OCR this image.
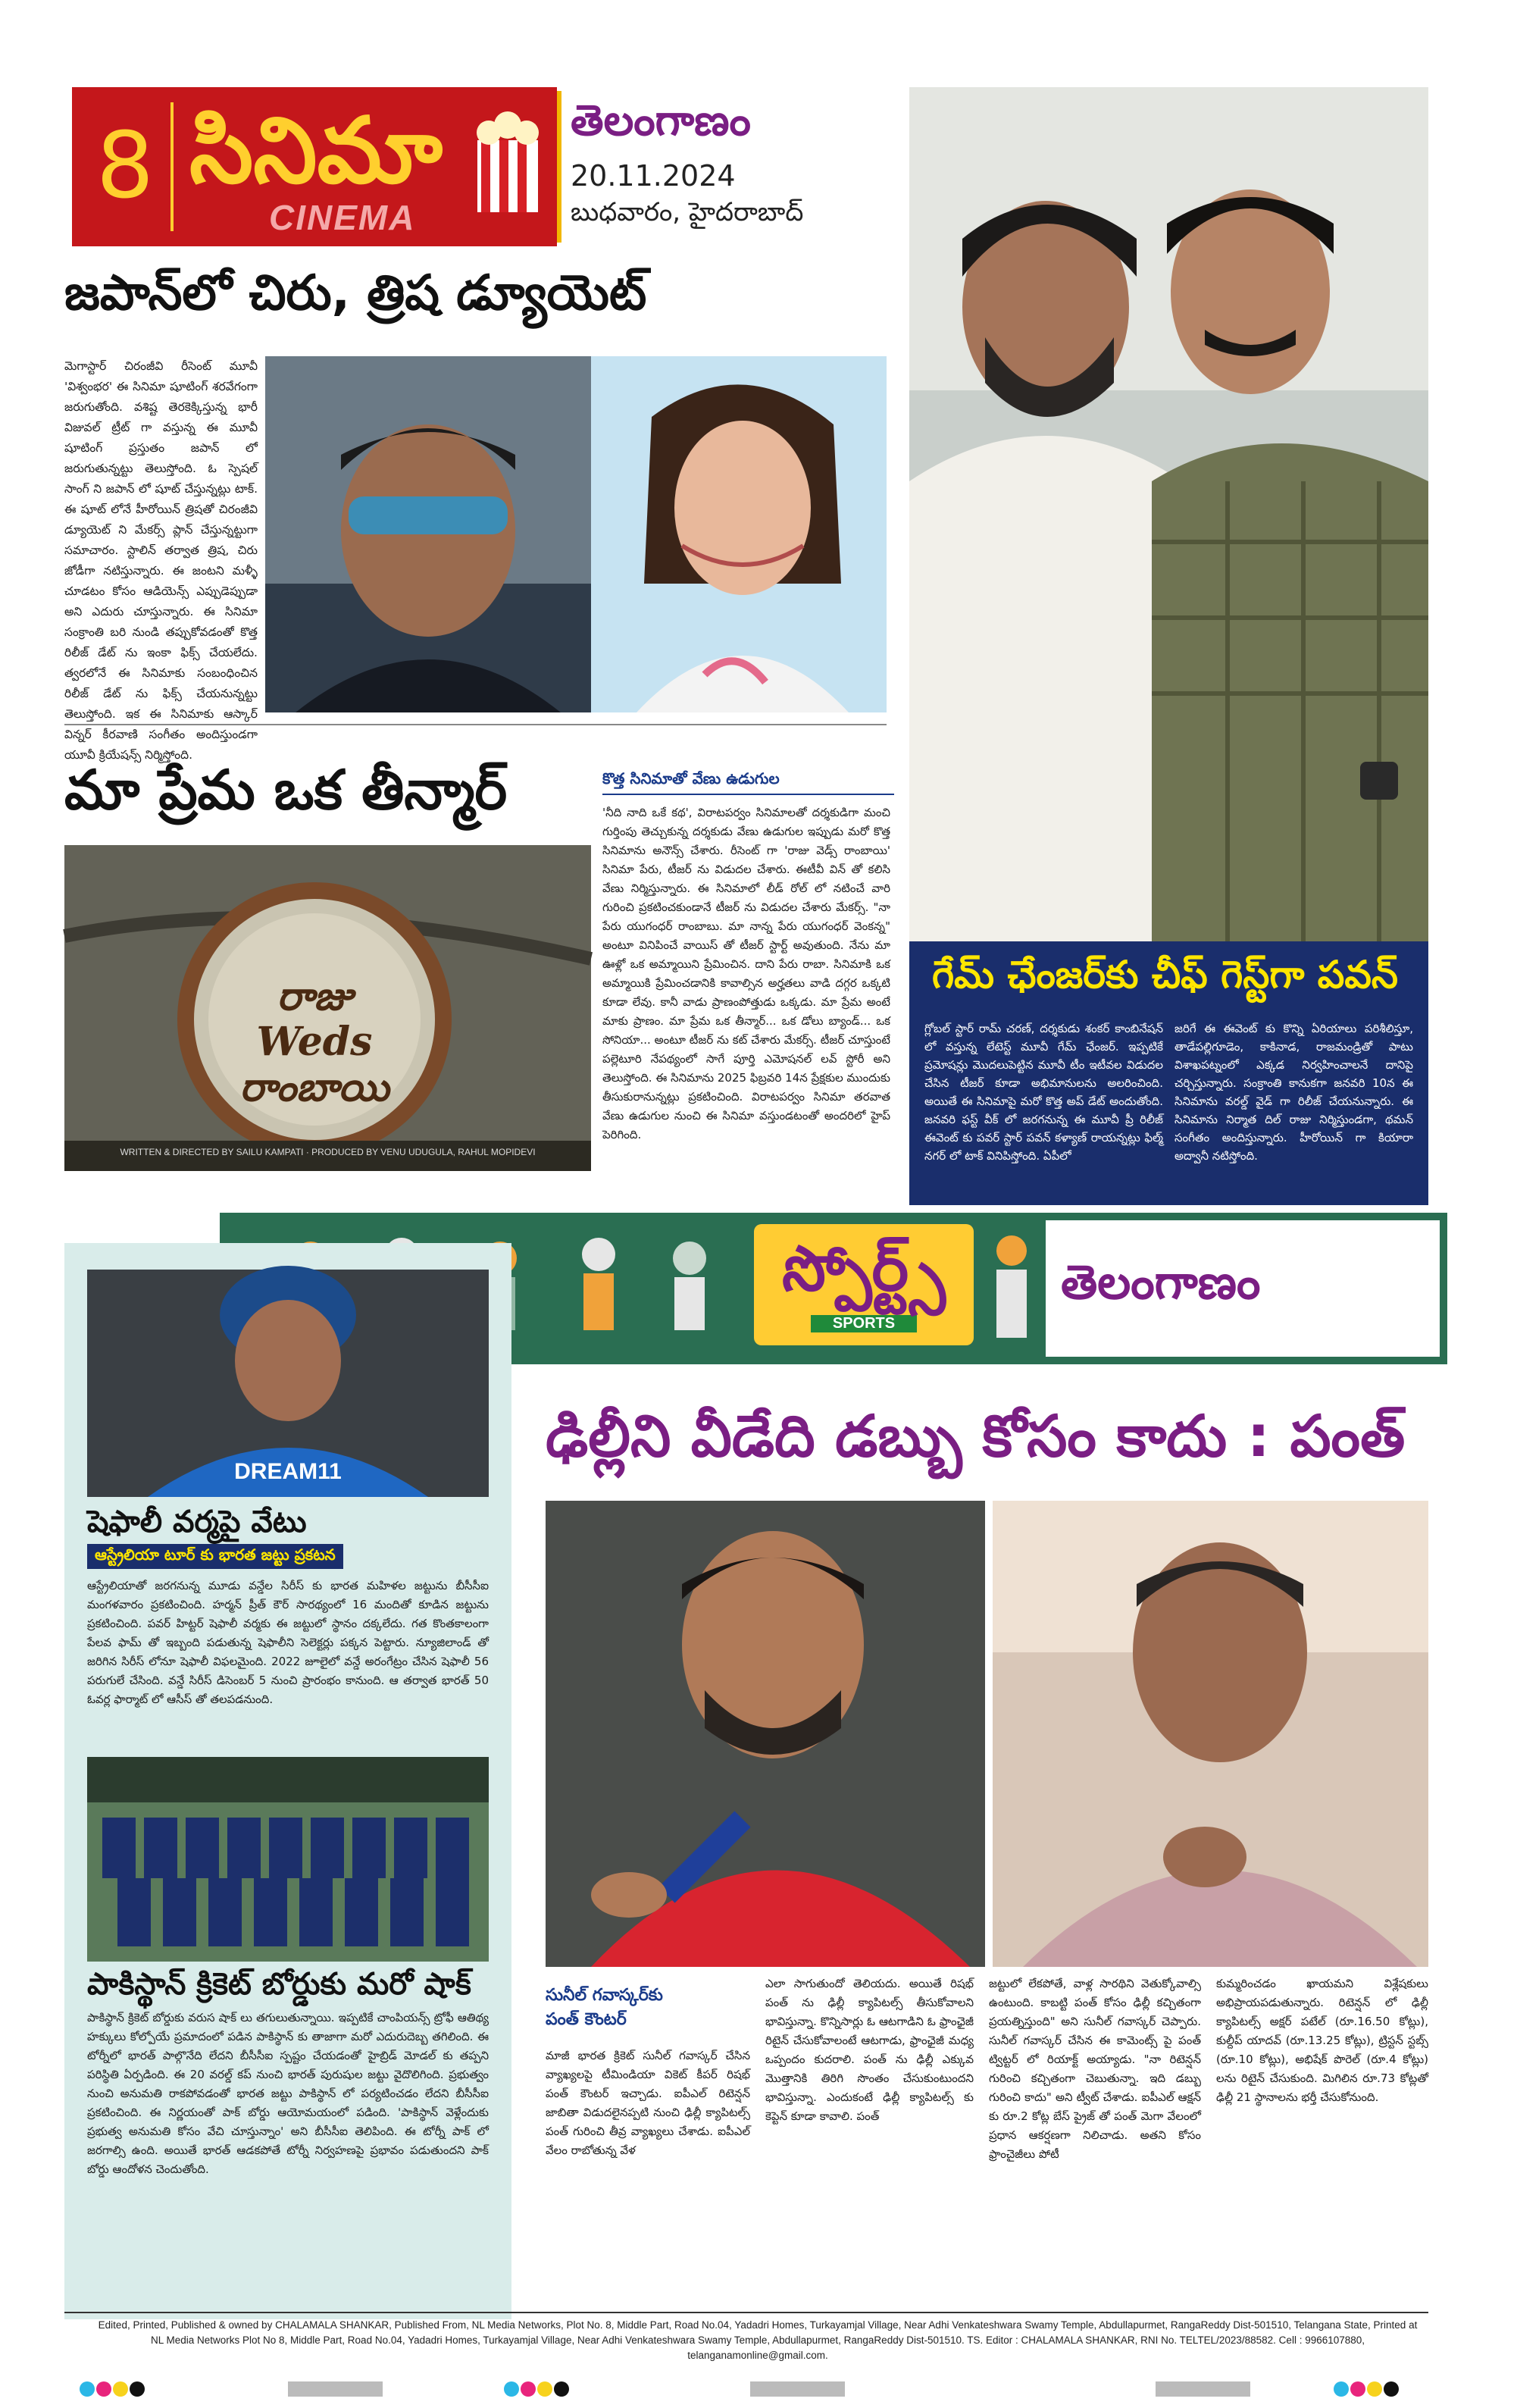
8 సినిమా
CINEMA
తెలంగాణం
20.11.2024
బుధవారం, హైదరాబాద్
జపాన్‌లో చిరు, త్రిష డ్యూయెట్
మెగాస్టార్ చిరంజీవి రీసెంట్ మూవీ 'విశ్వంభర' ఈ సినిమా షూటింగ్ శరవేగంగా జరుగుతోంది. వశిష్ట తెరకెక్కిస్తున్న భారీ విజువల్ ట్రీట్ గా వస్తున్న ఈ మూవీ షూటింగ్ ప్రస్తుతం జపాన్ లో జరుగుతున్నట్టు తెలుస్తోంది. ఓ స్పెషల్ సాంగ్ ని జపాన్ లో షూట్ చేస్తున్నట్లు టాక్. ఈ షూట్ లోనే హీరోయిన్ త్రిషతో చిరంజీవి డ్యూయెట్ ని మేకర్స్ ప్లాన్ చేస్తున్నట్టుగా సమాచారం. స్టాలిన్ తర్వాత త్రిష, చిరు జోడీగా నటిస్తున్నారు. ఈ జంటని మళ్ళీ చూడటం కోసం ఆడియెన్స్ ఎప్పుడెప్పుడా అని ఎదురు చూస్తున్నారు. ఈ సినిమా సంక్రాంతి బరి నుండి తప్పుకోవడంతో కొత్త రిలీజ్ డేట్ ను ఇంకా ఫిక్స్ చేయలేదు. త్వరలోనే ఈ సినిమాకు సంబంధించిన రిలీజ్ డేట్ ను ఫిక్స్ చేయనున్నట్టు తెలుస్తోంది. ఇక ఈ సినిమాకు ఆస్కార్ విన్నర్ కీరవాణి సంగీతం అందిస్తుండగా యూవీ క్రియేషన్స్ నిర్మిస్తోంది.
మా ప్రేమ ఒక తీన్మార్
రాజు Weds రాంబాయి
WRITTEN & DIRECTED BY SAILU KAMPATI · PRODUCED BY VENU UDUGULA, RAHUL MOPIDEVI
కొత్త సినిమాతో వేణు ఉడుగుల
'నీది నాది ఒకే కథ', విరాటపర్వం సినిమాలతో దర్శకుడిగా మంచి గుర్తింపు తెచ్చుకున్న దర్శకుడు వేణు ఉడుగుల ఇప్పుడు మరో కొత్త సినిమాను అనౌన్స్ చేశారు. రీసెంట్ గా 'రాజు వెడ్స్ రాంబాయి' సినిమా పేరు, టీజర్ ను విడుదల చేశారు. ఈటీవీ విన్ తో కలిసి వేణు నిర్మిస్తున్నారు. ఈ సినిమాలో లీడ్ రోల్ లో నటించే వారి గురించి ప్రకటించకుండానే టీజర్ ను విడుదల చేశారు మేకర్స్. "నా పేరు యుగంధర్ రాంబాబు. మా నాన్న పేరు యుగంధర్ వెంకన్న" అంటూ వినిపించే వాయిస్ తో టీజర్ స్టార్ట్ అవుతుంది. నేను మా ఊళ్లో ఒక అమ్మాయిని ప్రేమించిన. దాని పేరు రాబా. సినిమాకి ఒక అమ్మాయికి ప్రేమించడానికి కావాల్సిన అర్హతలు వాడి దగ్గర ఒక్కటి కూడా లేవు. కానీ వాడు ప్రాణంపోత్తుడు ఒక్కడు. మా ప్రేమ అంటే మాకు ప్రాణం. మా ప్రేమ ఒక తీన్మార్... ఒక డోలు బ్యాండ్... ఒక సోనియా... అంటూ టీజర్ ను కట్ చేశారు మేకర్స్. టీజర్ చూస్తుంటే పల్లెటూరి నేపథ్యంలో సాగే పూర్తి ఎమోషనల్ లవ్ స్టోరీ అని తెలుస్తోంది. ఈ సినిమాను 2025 ఫిబ్రవరి 14న ప్రేక్షకుల ముందుకు తీసుకురానున్నట్లు ప్రకటించింది. విరాటపర్వం సినిమా తరవాత వేణు ఉడుగుల నుంచి ఈ సినిమా వస్తుండటంతో అందరిలో హైప్ పెరిగింది.
గేమ్ ఛేంజర్‌కు చీఫ్ గెస్ట్‌గా పవన్
గ్లోబల్ స్టార్ రామ్ చరణ్, దర్శకుడు శంకర్ కాంబినేషన్ లో వస్తున్న లేటెస్ట్ మూవీ గేమ్ ఛేంజర్. ఇప్పటికే ప్రమోషన్లు మొదలుపెట్టిన మూవీ టీం ఇటీవల విడుదల చేసిన టీజర్ కూడా అభిమానులను అలరించింది. అయితే ఈ సినిమాపై మరో కొత్త అప్ డేట్ అందుతోంది. జనవరి ఫస్ట్ వీక్ లో జరగనున్న ఈ మూవీ ప్రీ రిలీజ్ ఈవెంట్ కు పవర్ స్టార్ పవన్ కళ్యాణ్ రాయన్నట్లు ఫిల్మ్ నగర్ లో టాక్ వినిపిస్తోంది. ఏపీలో
జరిగే ఈ ఈవెంట్ కు కొన్ని ఏరియాలు పరిశీలిస్తూ, తాడేపల్లిగూడెం, కాకినాడ, రాజమండ్రితో పాటు విశాఖపట్నంలో ఎక్కడ నిర్వహించాలనే దానిపై చర్చిస్తున్నారు. సంక్రాంతి కానుకగా జనవరి 10న ఈ సినిమాను వరల్డ్ వైడ్ గా రిలీజ్ చేయనున్నారు. ఈ సినిమాను నిర్మాత దిల్ రాజు నిర్మిస్తుండగా, థమన్ సంగీతం అందిస్తున్నారు. హీరోయిన్ గా కియారా అద్వానీ నటిస్తోంది.
స్పోర్ట్స్
SPORTS
తెలంగాణం
DREAM11
షెఫాలీ వర్మపై వేటు
ఆస్ట్రేలియా టూర్ కు భారత జట్టు ప్రకటన
ఆస్ట్రేలియాతో జరగనున్న మూడు వన్డేల సిరీస్ కు భారత మహిళల జట్టును బీసీసీఐ మంగళవారం ప్రకటించింది. హర్మన్ ప్రీత్ కౌర్ సారథ్యంలో 16 మందితో కూడిన జట్టును ప్రకటించింది. పవర్ హిట్టర్ షెఫాలీ వర్మకు ఈ జట్టులో స్థానం దక్కలేదు. గత కొంతకాలంగా పేలవ ఫామ్ తో ఇబ్బంది పడుతున్న షెఫాలీని సెలెక్టర్లు పక్కన పెట్టారు. న్యూజిలాండ్ తో జరిగిన సిరీస్ లోనూ షెఫాలీ విఫలమైంది. 2022 జూలైలో వన్డే అరంగేట్రం చేసిన షెఫాలీ 56 పరుగులే చేసింది. వన్డే సిరీస్ డిసెంబర్ 5 నుంచి ప్రారంభం కానుంది. ఆ తర్వాత భారత్ 50 ఓవర్ల ఫార్మాట్ లో ఆసీస్ తో తలపడనుంది.
పాకిస్థాన్ క్రికెట్ బోర్డుకు మరో షాక్
పాకిస్థాన్ క్రికెట్ బోర్డుకు వరుస షాక్ లు తగులుతున్నాయి. ఇప్పటికే చాంపియన్స్ ట్రోఫీ ఆతిథ్య హక్కులు కోల్పోయే ప్రమాదంలో పడిన పాకిస్థాన్ కు తాజాగా మరో ఎదురుదెబ్బ తగిలింది. ఈ టోర్నీలో భారత్ పాల్గొనేది లేదని బీసీసీఐ స్పష్టం చేయడంతో హైబ్రిడ్ మోడల్ కు తప్పని పరిస్థితి ఏర్పడింది. ఈ 20 వరల్డ్ కప్ నుంచి భారత్ పురుషుల జట్టు వైదొలిగింది. ప్రభుత్వం నుంచి అనుమతి రాకపోవడంతో భారత జట్టు పాకిస్థాన్ లో పర్యటించడం లేదని బీసీసీఐ ప్రకటించింది. ఈ నిర్ణయంతో పాక్ బోర్డు ఆయోమయంలో పడింది. 'పాకిస్థాన్ వెళ్లేందుకు ప్రభుత్వ అనుమతి కోసం వేచి చూస్తున్నాం' అని బీసీసీఐ తెలిపింది. ఈ టోర్నీ పాక్ లో జరగాల్సి ఉంది. అయితే భారత్ ఆడకపోతే టోర్నీ నిర్వహణపై ప్రభావం పడుతుందని పాక్ బోర్డు ఆందోళన చెందుతోంది.
ఢిల్లీని వీడేది డబ్బు కోసం కాదు : పంత్
సునీల్ గవాస్కర్‌కు
పంత్ కౌంటర్
మాజీ భారత క్రికెట్ సునీల్ గవాస్కర్ చేసిన వ్యాఖ్యలపై టీమిండియా వికెట్ కీపర్ రిషభ్ పంత్ కౌంటర్ ఇచ్చాడు. ఐపీఎల్ రిటెన్షన్ జాబితా విడుదలైనప్పటి నుంచి ఢిల్లీ క్యాపిటల్స్ పంత్ గురించి తీవ్ర వ్యాఖ్యలు చేశాడు. ఐపీఎల్ వేలం రాబోతున్న వేళ
ఎలా సాగుతుందో తెలియదు. అయితే రిషభ్ పంత్ ను ఢిల్లీ క్యాపిటల్స్ తీసుకోవాలని భావిస్తున్నా. కొన్నిసార్లు ఓ ఆటగాడిని ఓ ఫ్రాంఛైజీ రిటైన్ చేసుకోవాలంటే ఆటగాడు, ఫ్రాంఛైజీ మధ్య ఒప్పందం కుదరాలి. పంత్ ను ఢిల్లీ ఎక్కువ మొత్తానికి తిరిగి సొంతం చేసుకుంటుందని భావిస్తున్నా. ఎందుకంటే ఢిల్లీ క్యాపిటల్స్ కు కెప్టెన్ కూడా కావాలి. పంత్
జట్టులో లేకపోతే, వాళ్ల సారథిని వెతుక్కోవాల్సి ఉంటుంది. కాబట్టి పంత్ కోసం ఢిల్లీ కచ్చితంగా ప్రయత్నిస్తుంది" అని సునీల్ గవాస్కర్ చెప్పారు. సునీల్ గవాస్కర్ చేసిన ఈ కామెంట్స్ పై పంత్ ట్విట్టర్ లో రియాక్ట్ అయ్యాడు. "నా రిటెన్షన్ గురించి కచ్చితంగా చెబుతున్నా. ఇది డబ్బు గురించి కాదు" అని ట్వీట్ చేశాడు. ఐపీఎల్ ఆక్షన్ కు రూ.2 కోట్ల బేస్ ప్రైజ్ తో పంత్ మెగా వేలంలో ప్రధాన ఆకర్షణగా నిలిచాడు. అతని కోసం ఫ్రాంచైజీలు పోటీ
కుమ్మరించడం ఖాయమని విశ్లేషకులు అభిప్రాయపడుతున్నారు. రిటెన్షన్ లో ఢిల్లీ క్యాపిటల్స్ అక్షర్ పటేల్ (రూ.16.50 కోట్లు), కుల్దీప్ యాదవ్ (రూ.13.25 కోట్లు), ట్రిస్టన్ స్టబ్స్ (రూ.10 కోట్లు), అభిషేక్ పొరెల్ (రూ.4 కోట్లు) లను రిటైన్ చేసుకుంది. మిగిలిన రూ.73 కోట్లతో ఢిల్లీ 21 స్థానాలను భర్తీ చేసుకోనుంది.
Edited, Printed, Published & owned by CHALAMALA SHANKAR, Published From, NL Media Networks, Plot No. 8, Middle Part, Road No.04, Yadadri Homes, Turkayamjal Village, Near Adhi Venkateshwara Swamy Temple, Abdullapurmet, RangaReddy Dist-501510, Telangana State, Printed at NL Media Networks Plot No 8, Middle Part, Road No.04, Yadadri Homes, Turkayamjal Village, Near Adhi Venkateshwara Swamy Temple, Abdullapurmet, RangaReddy Dist-501510. TS. Editor : CHALAMALA SHANKAR, RNI No. TELTEL/2023/88582. Cell : 9966107880, telanganamonline@gmail.com.
